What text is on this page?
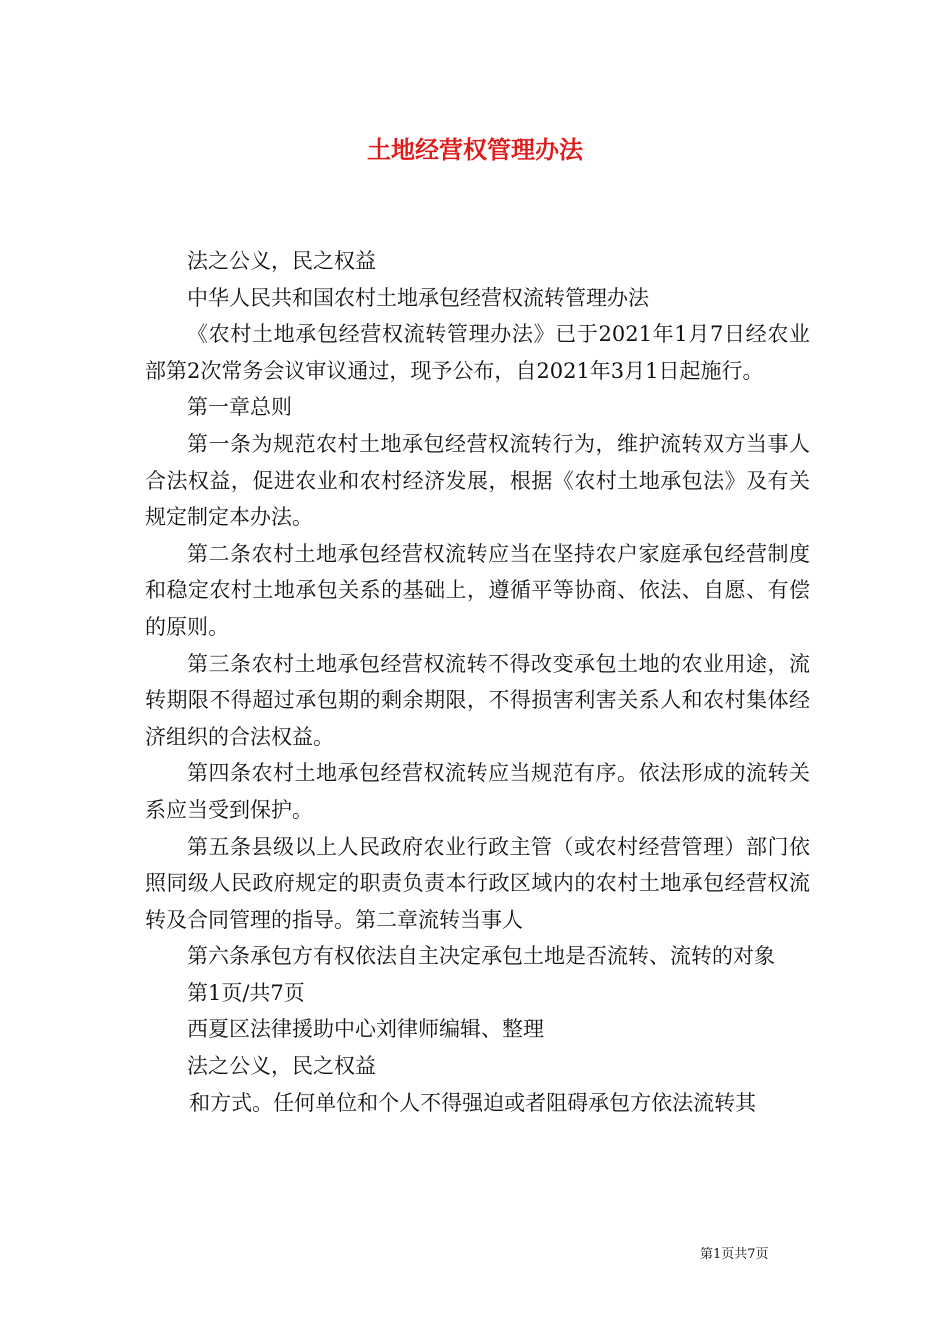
土地经营权管理办法

法之公义，民之权益

中华人民共和国农村土地承包经营权流转管理办法

《农村土地承包经营权流转管理办法》已于2021年1月7日经农业部第2次常务会议审议通过，现予公布，自2021年3月1日起施行。

第一章总则

第一条为规范农村土地承包经营权流转行为，维护流转双方当事人合法权益，促进农业和农村经济发展，根据《农村土地承包法》及有关规定制定本办法。

第二条农村土地承包经营权流转应当在坚持农户家庭承包经营制度和稳定农村土地承包关系的基础上，遵循平等协商、依法、自愿、有偿的原则。

第三条农村土地承包经营权流转不得改变承包土地的农业用途，流转期限不得超过承包期的剩余期限，不得损害利害关系人和农村集体经济组织的合法权益。

第四条农村土地承包经营权流转应当规范有序。依法形成的流转关系应当受到保护。

第五条县级以上人民政府农业行政主管（或农村经营管理）部门依照同级人民政府规定的职责负责本行政区域内的农村土地承包经营权流转及合同管理的指导。第二章流转当事人

第六条承包方有权依法自主决定承包土地是否流转、流转的对象

第1页/共7页

西夏区法律援助中心刘律师编辑、整理

法之公义，民之权益

和方式。任何单位和个人不得强迫或者阻碍承包方依法流转其

第1页共7页
